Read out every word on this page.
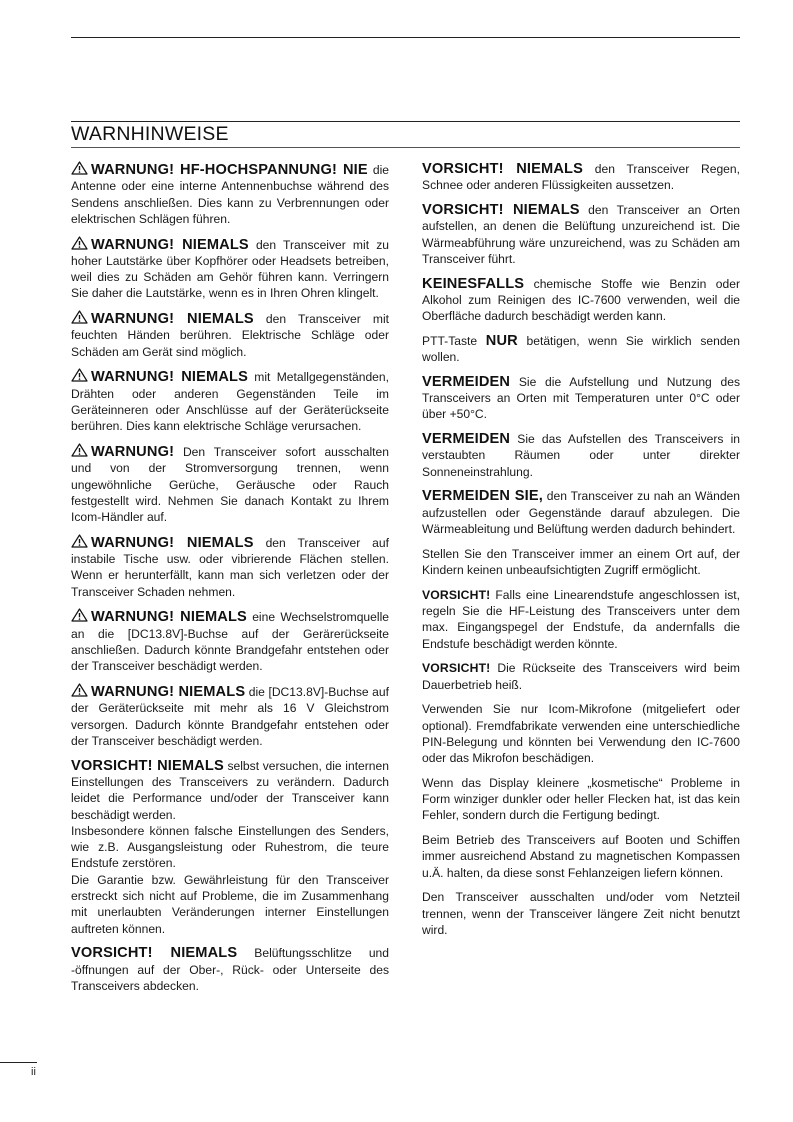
WARNHINWEISE

WARNUNG! HF-HOCHSPANNUNG! NIE die Antenne oder eine interne Antennenbuchse während des Sendens anschließen. Dies kann zu Verbrennungen oder elektrischen Schlägen führen.

WARNUNG! NIEMALS den Transceiver mit zu hoher Lautstärke über Kopfhörer oder Headsets betreiben, weil dies zu Schäden am Gehör führen kann. Verringern Sie daher die Lautstärke, wenn es in Ihren Ohren klingelt.

WARNUNG! NIEMALS den Transceiver mit feuchten Händen berühren. Elektrische Schläge oder Schäden am Gerät sind möglich.

WARNUNG! NIEMALS mit Metallgegenständen, Drähten oder anderen Gegenständen Teile im Geräteinneren oder Anschlüsse auf der Geräterückseite berühren. Dies kann elektrische Schläge verursachen.

WARNUNG! Den Transceiver sofort ausschalten und von der Stromversorgung trennen, wenn ungewöhnliche Gerüche, Geräusche oder Rauch festgestellt wird. Nehmen Sie danach Kontakt zu Ihrem Icom-Händler auf.

WARNUNG! NIEMALS den Transceiver auf instabile Tische usw. oder vibrierende Flächen stellen. Wenn er herunterfällt, kann man sich verletzen oder der Transceiver Schaden nehmen.

WARNUNG! NIEMALS eine Wechselstromquelle an die [DC13.8V]-Buchse auf der Gerärerückseite anschließen. Dadurch könnte Brandgefahr entstehen oder der Transceiver beschädigt werden.

WARNUNG! NIEMALS die [DC13.8V]-Buchse auf der Geräterückseite mit mehr als 16 V Gleichstrom versorgen. Dadurch könnte Brandgefahr entstehen oder der Transceiver beschädigt werden.

VORSICHT! NIEMALS selbst versuchen, die internen Einstellungen des Transceivers zu verändern. Dadurch leidet die Performance und/oder der Transceiver kann beschädigt werden.

Insbesondere können falsche Einstellungen des Senders, wie z.B. Ausgangsleistung oder Ruhestrom, die teure Endstufe zerstören.

Die Garantie bzw. Gewährleistung für den Transceiver erstreckt sich nicht auf Probleme, die im Zusammenhang mit unerlaubten Veränderungen interner Einstellungen auftreten können.

VORSICHT! NIEMALS Belüftungsschlitze und -öffnungen auf der Ober-, Rück- oder Unterseite des Transceivers abdecken.

VORSICHT! NIEMALS den Transceiver Regen, Schnee oder anderen Flüssigkeiten aussetzen.

VORSICHT! NIEMALS den Transceiver an Orten aufstellen, an denen die Belüftung unzureichend ist. Die Wärmeabführung wäre unzureichend, was zu Schäden am Transceiver führt.

KEINESFALLS chemische Stoffe wie Benzin oder Alkohol zum Reinigen des IC-7600 verwenden, weil die Oberfläche dadurch beschädigt werden kann.

PTT-Taste NUR betätigen, wenn Sie wirklich senden wollen.

VERMEIDEN Sie die Aufstellung und Nutzung des Transceivers an Orten mit Temperaturen unter 0°C oder über +50°C.

VERMEIDEN Sie das Aufstellen des Transceivers in verstaubten Räumen oder unter direkter Sonneneinstrahlung.

VERMEIDEN SIE, den Transceiver zu nah an Wänden aufzustellen oder Gegenstände darauf abzulegen. Die Wärmeableitung und Belüftung werden dadurch behindert.

Stellen Sie den Transceiver immer an einem Ort auf, der Kindern keinen unbeaufsichtigten Zugriff ermöglicht.

VORSICHT! Falls eine Linearendstufe angeschlossen ist, regeln Sie die HF-Leistung des Transceivers unter dem max. Eingangspegel der Endstufe, da andernfalls die Endstufe beschädigt werden könnte.

VORSICHT! Die Rückseite des Transceivers wird beim Dauerbetrieb heiß.

Verwenden Sie nur Icom-Mikrofone (mitgeliefert oder optional). Fremdfabrikate verwenden eine unterschiedliche PIN-Belegung und könnten bei Verwendung den IC-7600 oder das Mikrofon beschädigen.

Wenn das Display kleinere „kosmetische“ Probleme in Form winziger dunkler oder heller Flecken hat, ist das kein Fehler, sondern durch die Fertigung bedingt.

Beim Betrieb des Transceivers auf Booten und Schiffen immer ausreichend Abstand zu magnetischen Kompassen u.Ä. halten, da diese sonst Fehlanzeigen liefern können.

Den Transceiver ausschalten und/oder vom Netzteil trennen, wenn der Transceiver längere Zeit nicht benutzt wird.

ii
